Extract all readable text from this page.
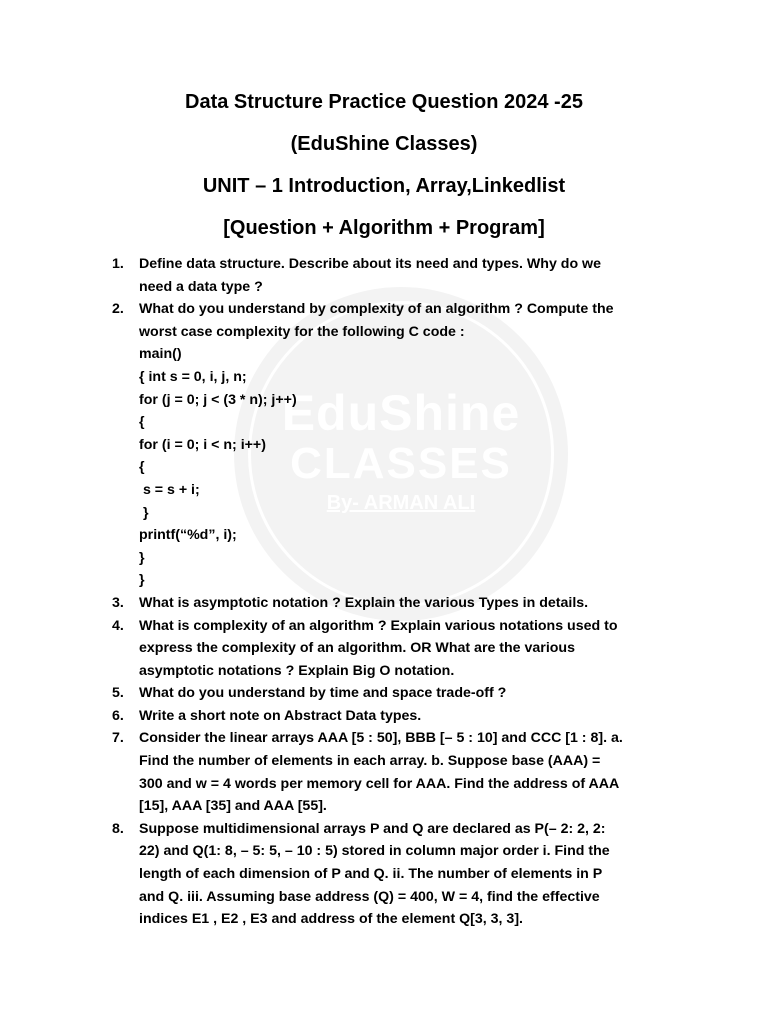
EduShine
CLASSES
By- ARMAN ALI
Data Structure Practice Question 2024 -25
(EduShine Classes)
UNIT – 1 Introduction, Array,Linkedlist
[Question + Algorithm + Program]
1.	Define data structure. Describe about its need and types. Why do we
need a data type ?
2.	What do you understand by complexity of an algorithm ? Compute the
worst case complexity for the following C code :
main()
{ int s = 0, i, j, n;
for (j = 0; j < (3 * n); j++)
{
for (i = 0; i < n; i++)
{
s = s + i;
}
printf(“%d”, i);
}
}
3.	What is asymptotic notation ? Explain the various Types in details.
4.	What is complexity of an algorithm ? Explain various notations used to
express the complexity of an algorithm. OR What are the various
asymptotic notations ? Explain Big O notation.
5.	What do you understand by time and space trade-off ?
6.	Write a short note on Abstract Data types.
7.	Consider the linear arrays AAA [5 : 50], BBB [– 5 : 10] and CCC [1 : 8]. a.
Find the number of elements in each array. b. Suppose base (AAA) =
300 and w = 4 words per memory cell for AAA. Find the address of AAA
[15], AAA [35] and AAA [55].
8.	Suppose multidimensional arrays P and Q are declared as P(– 2: 2, 2:
22) and Q(1: 8, – 5: 5, – 10 : 5) stored in column major order i. Find the
length of each dimension of P and Q. ii. The number of elements in P
and Q. iii. Assuming base address (Q) = 400, W = 4, find the effective
indices E1 , E2 , E3 and address of the element Q[3, 3, 3].
